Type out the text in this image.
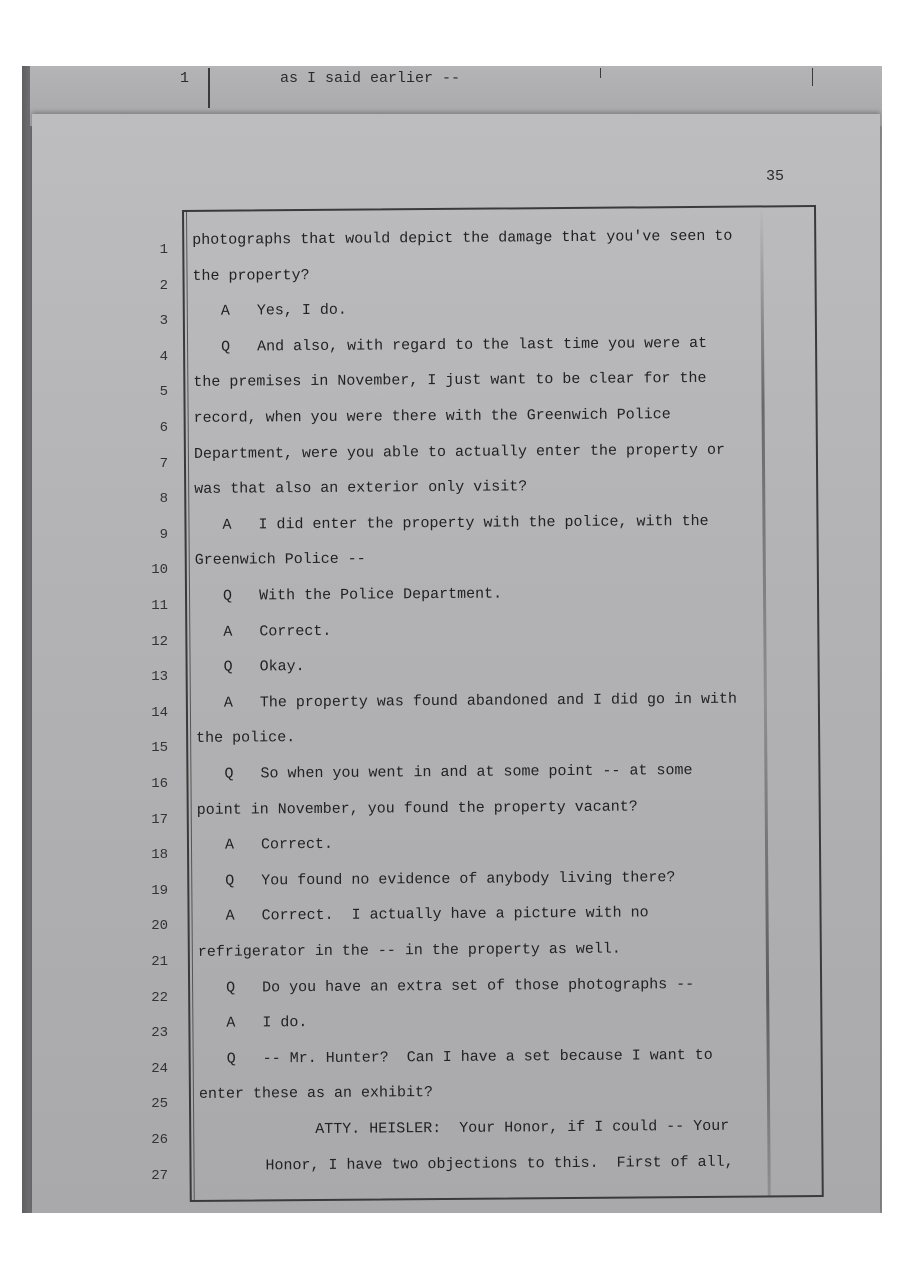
1	as I said earlier --
35
1
2
3
4
5
6
7
8
9
10
11
12
13
14
15
16
17
18
19
20
21
22
23
24
25
26
27
photographs that would depict the damage that you've seen to
the property?
A   Yes, I do.
Q   And also, with regard to the last time you were at
the premises in November, I just want to be clear for the
record, when you were there with the Greenwich Police
Department, were you able to actually enter the property or
was that also an exterior only visit?
A   I did enter the property with the police, with the
Greenwich Police --
Q   With the Police Department.
A   Correct.
Q   Okay.
A   The property was found abandoned and I did go in with
the police.
Q   So when you went in and at some point -- at some
point in November, you found the property vacant?
A   Correct.
Q   You found no evidence of anybody living there?
A   Correct.  I actually have a picture with no
refrigerator in the -- in the property as well.
Q   Do you have an extra set of those photographs --
A   I do.
Q   -- Mr. Hunter?  Can I have a set because I want to
enter these as an exhibit?
ATTY. HEISLER:  Your Honor, if I could -- Your
Honor, I have two objections to this.  First of all,
